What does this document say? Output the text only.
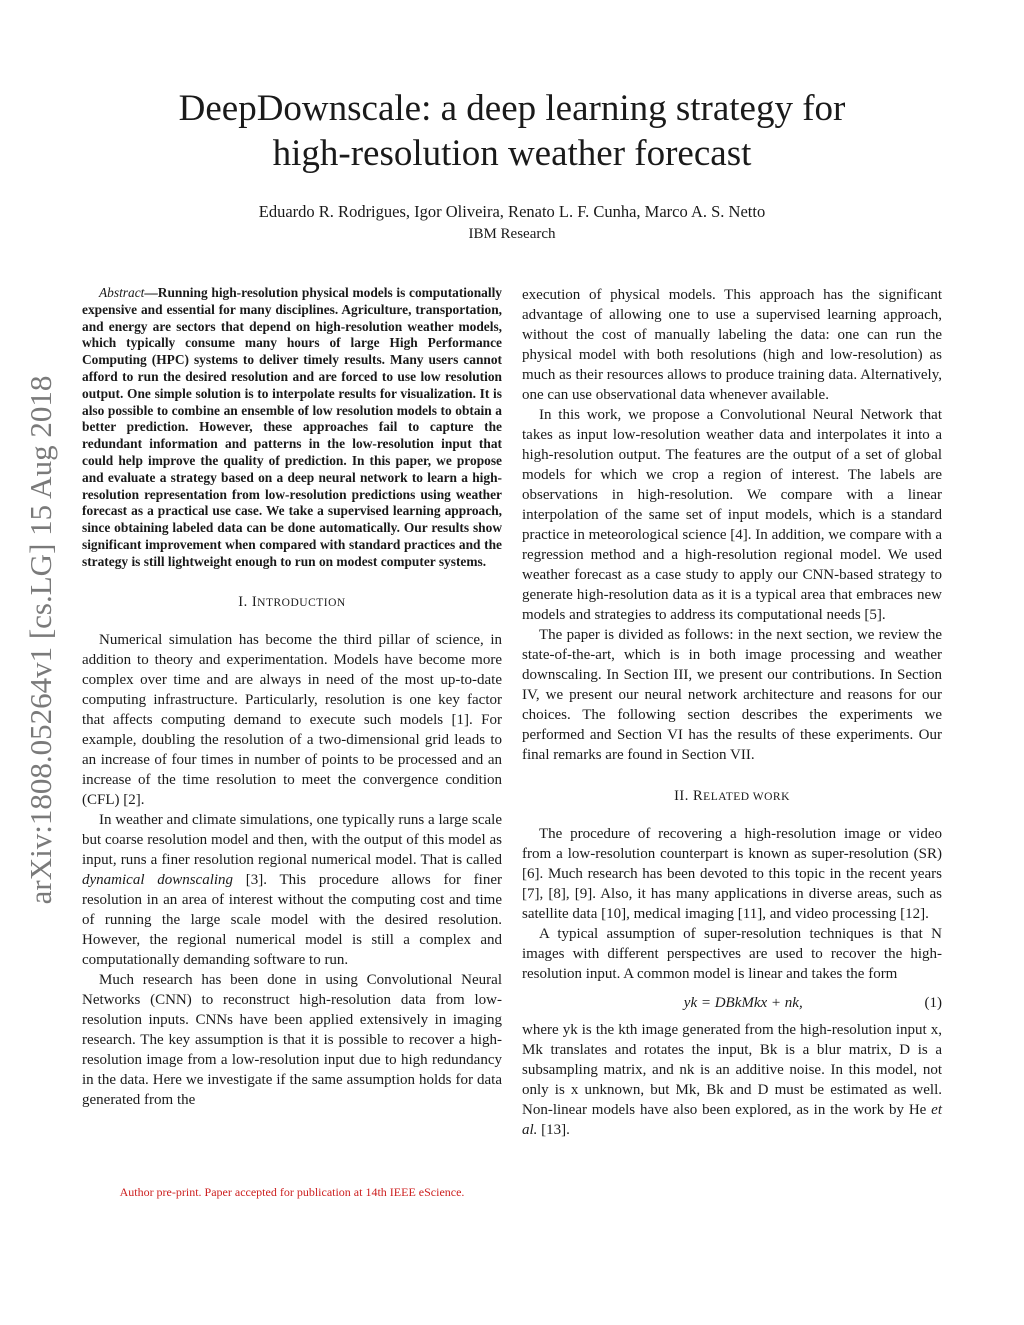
DeepDownscale: a deep learning strategy for
high-resolution weather forecast
Eduardo R. Rodrigues, Igor Oliveira, Renato L. F. Cunha, Marco A. S. Netto
IBM Research
arXiv:1808.05264v1 [cs.LG] 15 Aug 2018

Abstract—Running high-resolution physical models is computationally expensive and essential for many disciplines. Agriculture, transportation, and energy are sectors that depend on high-resolution weather models, which typically consume many hours of large High Performance Computing (HPC) systems to deliver timely results. Many users cannot afford to run the desired resolution and are forced to use low resolution output. One simple solution is to interpolate results for visualization. It is also possible to combine an ensemble of low resolution models to obtain a better prediction. However, these approaches fail to capture the redundant information and patterns in the low-resolution input that could help improve the quality of prediction. In this paper, we propose and evaluate a strategy based on a deep neural network to learn a high-resolution representation from low-resolution predictions using weather forecast as a practical use case. We take a supervised learning approach, since obtaining labeled data can be done automatically. Our results show significant improvement when compared with standard practices and the strategy is still lightweight enough to run on modest computer systems.

I. INTRODUCTION

Numerical simulation has become the third pillar of science, in addition to theory and experimentation. Models have become more complex over time and are always in need of the most up-to-date computing infrastructure. Particularly, resolution is one key factor that affects computing demand to execute such models [1]. For example, doubling the resolution of a two-dimensional grid leads to an increase of four times in number of points to be processed and an increase of the time resolution to meet the convergence condition (CFL) [2].

In weather and climate simulations, one typically runs a large scale but coarse resolution model and then, with the output of this model as input, runs a finer resolution regional numerical model. That is called dynamical downscaling [3]. This procedure allows for finer resolution in an area of interest without the computing cost and time of running the large scale model with the desired resolution. However, the regional numerical model is still a complex and computationally demanding software to run.

Much research has been done in using Convolutional Neural Networks (CNN) to reconstruct high-resolution data from low-resolution inputs. CNNs have been applied extensively in imaging research. The key assumption is that it is possible to recover a high-resolution image from a low-resolution input due to high redundancy in the data. Here we investigate if the same assumption holds for data generated from the

Author pre-print. Paper accepted for publication at 14th IEEE eScience.

execution of physical models. This approach has the significant advantage of allowing one to use a supervised learning approach, without the cost of manually labeling the data: one can run the physical model with both resolutions (high and low-resolution) as much as their resources allows to produce training data. Alternatively, one can use observational data whenever available.

In this work, we propose a Convolutional Neural Network that takes as input low-resolution weather data and interpolates it into a high-resolution output. The features are the output of a set of global models for which we crop a region of interest. The labels are observations in high-resolution. We compare with a linear interpolation of the same set of input models, which is a standard practice in meteorological science [4]. In addition, we compare with a regression method and a high-resolution regional model. We used weather forecast as a case study to apply our CNN-based strategy to generate high-resolution data as it is a typical area that embraces new models and strategies to address its computational needs [5].

The paper is divided as follows: in the next section, we review the state-of-the-art, which is in both image processing and weather downscaling. In Section III, we present our contributions. In Section IV, we present our neural network architecture and reasons for our choices. The following section describes the experiments we performed and Section VI has the results of these experiments. Our final remarks are found in Section VII.

II. RELATED WORK

The procedure of recovering a high-resolution image or video from a low-resolution counterpart is known as super-resolution (SR) [6]. Much research has been devoted to this topic in the recent years [7], [8], [9]. Also, it has many applications in diverse areas, such as satellite data [10], medical imaging [11], and video processing [12].

A typical assumption of super-resolution techniques is that N images with different perspectives are used to recover the high-resolution input. A common model is linear and takes the form

yk = DBkMkx + nk,	(1)

where yk is the kth image generated from the high-resolution input x, Mk translates and rotates the input, Bk is a blur matrix, D is a subsampling matrix, and nk is an additive noise. In this model, not only is x unknown, but Mk, Bk and D must be estimated as well. Non-linear models have also been explored, as in the work by He et al. [13].
